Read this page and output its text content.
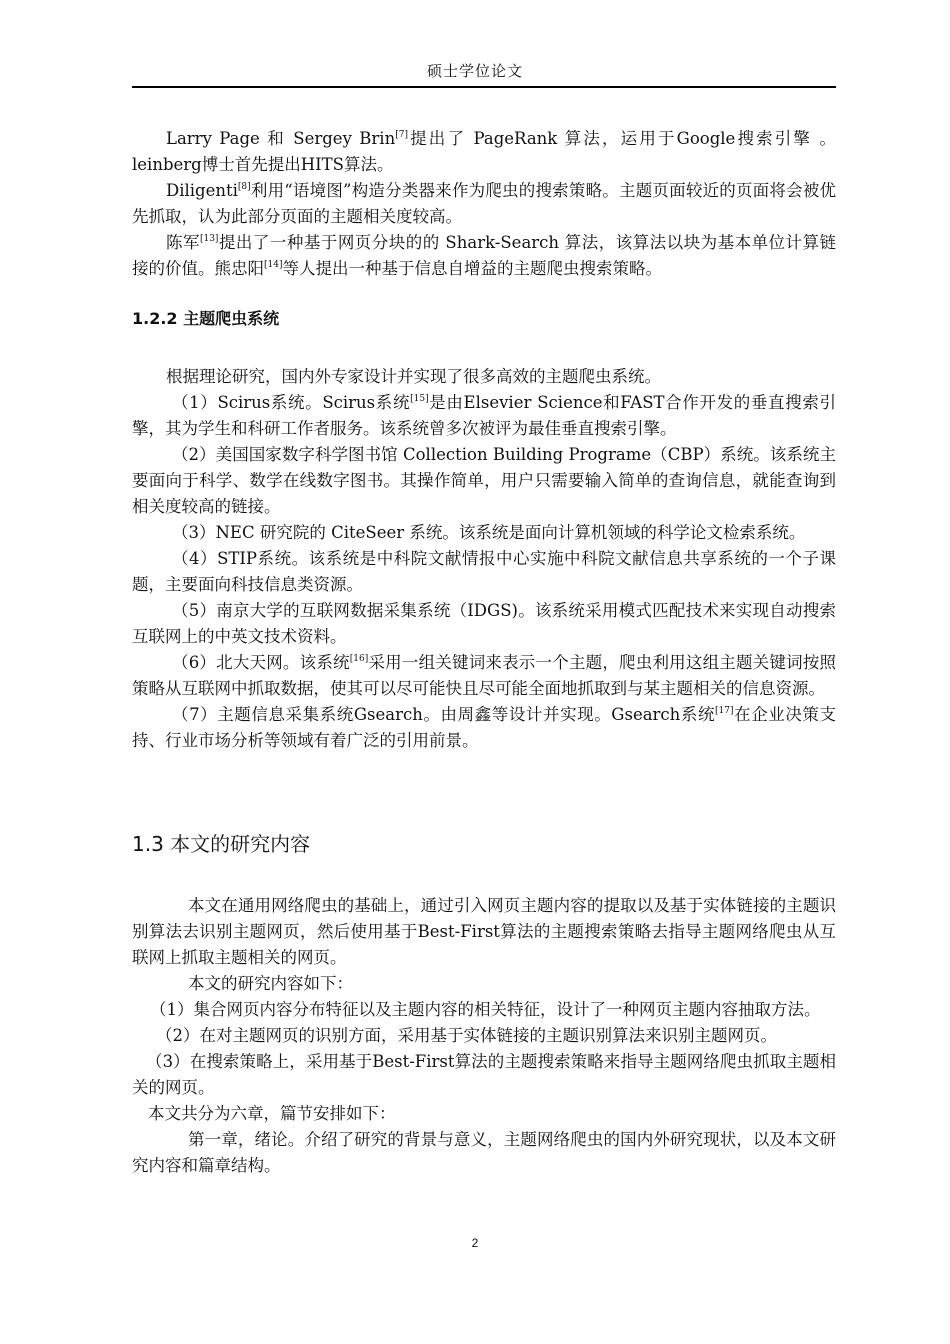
硕士学位论文

Larry Page 和 Sergey Brin[7]提出了 PageRank 算法，运用于Google搜索引擎 。leinberg博士首先提出HITS算法。

Diligenti[8]利用“语境图”构造分类器来作为爬虫的搜索策略。主题页面较近的页面将会被优先抓取，认为此部分页面的主题相关度较高。

陈军[13]提出了一种基于网页分块的的 Shark-Search 算法，该算法以块为基本单位计算链接的价值。熊忠阳[14]等人提出一种基于信息自增益的主题爬虫搜索策略。

1.2.2 主题爬虫系统

根据理论研究，国内外专家设计并实现了很多高效的主题爬虫系统。

（1）Scirus系统。Scirus系统[15]是由Elsevier Science和FAST合作开发的垂直搜索引擎，其为学生和科研工作者服务。该系统曾多次被评为最佳垂直搜索引擎。

（2）美国国家数字科学图书馆 Collection Building Programe（CBP）系统。该系统主要面向于科学、数学在线数字图书。其操作简单，用户只需要输入简单的查询信息，就能查询到相关度较高的链接。

（3）NEC 研究院的 CiteSeer 系统。该系统是面向计算机领域的科学论文检索系统。

（4）STIP系统。该系统是中科院文献情报中心实施中科院文献信息共享系统的一个子课题，主要面向科技信息类资源。

（5）南京大学的互联网数据采集系统（IDGS)。该系统采用模式匹配技术来实现自动搜索互联网上的中英文技术资料。

（6）北大天网。该系统[16]采用一组关键词来表示一个主题，爬虫利用这组主题关键词按照策略从互联网中抓取数据，使其可以尽可能快且尽可能全面地抓取到与某主题相关的信息资源。

（7）主题信息采集系统Gsearch。由周鑫等设计并实现。Gsearch系统[17]在企业决策支持、行业市场分析等领域有着广泛的引用前景。

1.3 本文的研究内容

本文在通用网络爬虫的基础上，通过引入网页主题内容的提取以及基于实体链接的主题识别算法去识别主题网页，然后使用基于Best-First算法的主题搜索策略去指导主题网络爬虫从互联网上抓取主题相关的网页。

本文的研究内容如下：

（1）集合网页内容分布特征以及主题内容的相关特征，设计了一种网页主题内容抽取方法。

（2）在对主题网页的识别方面，采用基于实体链接的主题识别算法来识别主题网页。

（3）在搜索策略上，采用基于Best-First算法的主题搜索策略来指导主题网络爬虫抓取主题相关的网页。

本文共分为六章，篇节安排如下：

第一章，绪论。介绍了研究的背景与意义，主题网络爬虫的国内外研究现状，以及本文研究内容和篇章结构。

2
